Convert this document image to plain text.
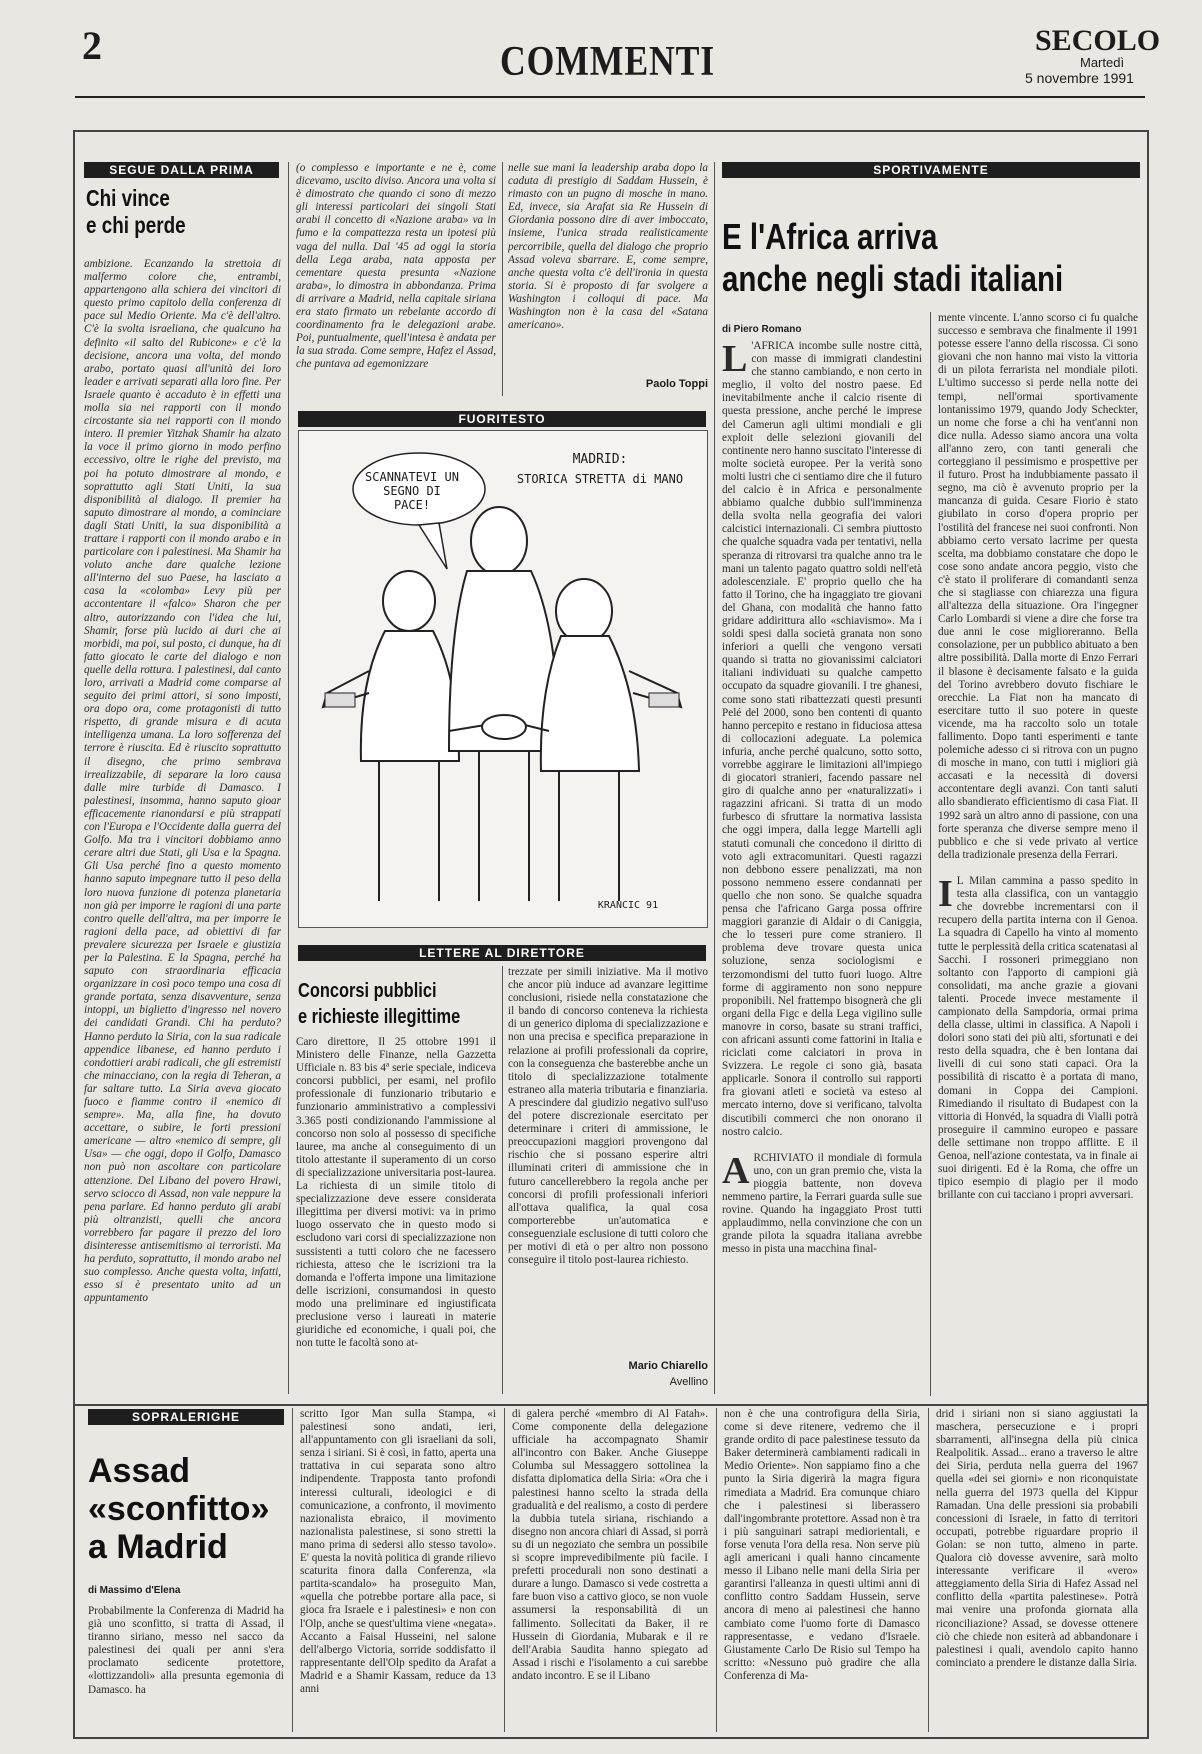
2	COMMENTI	SECOLO
Martedì
5 novembre 1991
SEGUE DALLA PRIMA
Chi vince
e chi perde
ambizione. Ecanzando la strettoia di malfermo colore che, entrambi, appartengono alla schiera dei vincitori di questo primo capitolo della conferenza di pace sul Medio Oriente. Ma c'è dell'altro. C'è la svolta israeliana, che qualcuno ha definito «il salto del Rubicone» e c'è la decisione, ancora una volta, del mondo arabo, portato quasi all'unità dei loro leader e arrivati separati alla loro fine. Per Israele quanto è accaduto è in effetti una molla sia nei rapporti con il mondo circostante sia nei rapporti con il mondo intero. Il premier Yitzhak Shamir ha alzato la voce il primo giorno in modo perfino eccessivo, oltre le righe del previsto, ma poi ha potuto dimostrare al mondo, e soprattutto agli Stati Uniti, la sua disponibilità al dialogo. Il premier ha saputo dimostrare al mondo, a cominciare dagli Stati Uniti, la sua disponibilità a trattare i rapporti con il mondo arabo e in particolare con i palestinesi. Ma Shamir ha voluto anche dare qualche lezione all'interno del suo Paese, ha lasciato a casa la «colomba» Levy più per accontentare il «falco» Sharon che per altro, autorizzando con l'idea che lui, Shamir, forse più lucido ai duri che ai morbidi, ma poi, sul posto, ci dunque, ha di fatto giocato le carte del dialogo e non quelle della rottura. I palestinesi, dal canto loro, arrivati a Madrid come comparse al seguito dei primi attori, si sono imposti, ora dopo ora, come protagonisti di tutto rispetto, di grande misura e di acuta intelligenza umana. La loro sofferenza del terrore è riuscita. Ed è riuscito soprattutto il disegno, che primo sembrava irrealizzabile, di separare la loro causa dalle mire turbide di Damasco. I palestinesi, insomma, hanno saputo gioar efficacemente rianondarsi e più strappati con l'Europa e l'Occidente dalla guerra del Golfo. Ma tra i vincitori dobbiamo anno cerare altri due Stati, gli Usa e la Spagna. Gli Usa perché fino a questo momento hanno saputo impegnare tutto il peso della loro nuova funzione di potenza planetaria non già per imporre le ragioni di una parte contro quelle dell'altra, ma per imporre le ragioni della pace, ad obiettivi di far prevalere sicurezza per Israele e giustizia per la Palestina. E la Spagna, perché ha saputo con straordinaria efficacia organizzare in così poco tempo una cosa di grande portata, senza disavventure, senza intoppi, un biglietto d'ingresso nel novero dei candidati Grandi. Chi ha perduto? Hanno perduto la Siria, con la sua radicale appendice libanese, ed hanno perduto i condottieri arabi radicali, che gli estremisti che minacciano, con la regia di Teheran, a far saltare tutto. La Siria aveva giocato fuoco e fiamme contro il «nemico di sempre». Ma, alla fine, ha dovuto accettare, o subire, le forti pressioni americane — altro «nemico di sempre, gli Usa» — che oggi, dopo il Golfo, Damasco non può non ascoltare con particolare attenzione. Del Libano del povero Hrawi, servo sciocco di Assad, non vale neppure la pena parlare. Ed hanno perduto gli arabi più oltranzisti, quelli che ancora vorrebbero far pagare il prezzo del loro disinteresse antisemitismo ai terroristi. Ma ha perduto, soprattutto, il mondo arabo nel suo complesso. Anche questa volta, infatti, esso si è presentato unito ad un appuntamento
(o complesso e importante e ne è, come dicevamo, uscito diviso. Ancora una volta si è dimostrato che quando ci sono di mezzo gli interessi particolari dei singoli Stati arabi il concetto di «Nazione araba» va in fumo e la compattezza resta un ipotesi più vaga del nulla. Dal '45 ad oggi la storia della Lega araba, nata apposta per cementare questa presunta «Nazione araba», lo dimostra in abbondanza. Prima di arrivare a Madrid, nella capitale siriana era stato firmato un rebelante accordo di coordinamento fra le delegazioni arabe. Poi, puntualmente, quell'intesa è andata per la sua strada. Come sempre, Hafez el Assad, che puntava ad egemonizzare
nelle sue mani la leadership araba dopo la caduta di prestigio di Saddam Hussein, è rimasto con un pugno di mosche in mano. Ed, invece, sia Arafat sia Re Hussein di Giordania possono dire di aver imboccato, insieme, l'unica strada realisticamente percorribile, quella del dialogo che proprio Assad voleva sbarrare. E, come sempre, anche questa volta c'è dell'ironia in questa storia. Si è proposto di far svolgere a Washington i colloqui di pace. Ma Washington non è la casa del «Satana americano».
Paolo Toppi
FUORITESTO
SCANNATEVI UN SEGNO DI PACE!
MADRID:
STORICA STRETTA di MANO
KRANCIC 91
LETTERE AL DIRETTORE
Concorsi pubblici
e richieste illegittime
Caro direttore, Il 25 ottobre 1991 il Ministero delle Finanze, nella Gazzetta Ufficiale n. 83 bis 4ª serie speciale, indiceva concorsi pubblici, per esami, nel profilo professionale di funzionario tributario e funzionario amministrativo a complessivi 3.365 posti condizionando l'ammissione al concorso non solo al possesso di specifiche lauree, ma anche al conseguimento di un titolo attestante il superamento di un corso di specializzazione universitaria post-laurea. La richiesta di un simile titolo di specializzazione deve essere considerata illegittima per diversi motivi: va in primo luogo osservato che in questo modo si escludono vari corsi di specializzazione non sussistenti a tutti coloro che ne facessero richiesta, atteso che le iscrizioni tra la domanda e l'offerta impone una limitazione delle iscrizioni, consumandosi in questo modo una preliminare ed ingiustificata preclusione verso i laureati in materie giuridiche ed economiche, i quali poi, che non tutte le facoltà sono at-
trezzate per simili iniziative. Ma il motivo che ancor più induce ad avanzare legittime conclusioni, risiede nella constatazione che il bando di concorso conteneva la richiesta di un generico diploma di specializzazione e non una precisa e specifica preparazione in relazione ai profili professionali da coprire, con la conseguenza che basterebbe anche un titolo di specializzazione totalmente estraneo alla materia tributaria e finanziaria. A prescindere dal giudizio negativo sull'uso del potere discrezionale esercitato per determinare i criteri di ammissione, le preoccupazioni maggiori provengono dal rischio che si possano esperire altri illuminati criteri di ammissione che in futuro cancellerebbero la regola anche per concorsi di profili professionali inferiori all'ottava qualifica, la qual cosa comporterebbe un'automatica e conseguenziale esclusione di tutti coloro che per motivi di età o per altro non possono conseguire il titolo post-laurea richiesto.
Mario Chiarello
Avellino
SPORTIVAMENTE
E l'Africa arriva
anche negli stadi italiani
di Piero Romano
L 'AFRICA incombe sulle nostre città, con masse di immigrati clandestini che stanno cambiando, e non certo in meglio, il volto del nostro paese. Ed inevitabilmente anche il calcio risente di questa pressione, anche perché le imprese del Camerun agli ultimi mondiali e gli exploit delle selezioni giovanili del continente nero hanno suscitato l'interesse di molte società europee. Per la verità sono molti lustri che ci sentiamo dire che il futuro del calcio è in Africa e personalmente abbiamo qualche dubbio sull'imminenza della svolta nella geografia dei valori calcistici internazionali. Ci sembra piuttosto che qualche squadra vada per tentativi, nella speranza di ritrovarsi tra qualche anno tra le mani un talento pagato quattro soldi nell'età adolescenziale. E' proprio quello che ha fatto il Torino, che ha ingaggiato tre giovani del Ghana, con modalità che hanno fatto gridare addirittura allo «schiavismo». Ma i soldi spesi dalla società granata non sono inferiori a quelli che vengono versati quando si tratta no giovanissimi calciatori italiani individuati su qualche campetto occupato da squadre giovanili. I tre ghanesi, come sono stati ribattezzati questi presunti Pelé del 2000, sono ben contenti di quanto hanno percepito e restano in fiduciosa attesa di collocazioni adeguate. La polemica infuria, anche perché qualcuno, sotto sotto, vorrebbe aggirare le limitazioni all'impiego di giocatori stranieri, facendo passare nel giro di qualche anno per «naturalizzati» i ragazzini africani. Si tratta di un modo furbesco di sfruttare la normativa lassista che oggi impera, dalla legge Martelli agli statuti comunali che concedono il diritto di voto agli extracomunitari. Questi ragazzi non debbono essere penalizzati, ma non possono nemmeno essere condannati per quello che non sono. Se qualche squadra pensa che l'africano Garga possa offrire maggiori garanzie di Aldair o di Caniggia, che lo tesseri pure come straniero. Il problema deve trovare questa unica soluzione, senza sociologismi e terzomondismi del tutto fuori luogo. Altre forme di aggiramento non sono neppure proponibili. Nel frattempo bisognerà che gli organi della Figc e della Lega vigilino sulle manovre in corso, basate su strani traffici, con africani assunti come fattorini in Italia e riciclati come calciatori in prova in Svizzera. Le regole ci sono già, basata applicarle. Sonora il controllo sui rapporti fra giovani atleti e società va esteso al mercato interno, dove si verificano, talvolta discutibili commerci che non onorano il nostro calcio.

A RCHIVIATO il mondiale di formula uno, con un gran premio che, vista la pioggia battente, non doveva nemmeno partire, la Ferrari guarda sulle sue rovine. Quando ha ingaggiato Prost tutti applaudimmo, nella convinzione che con un grande pilota la squadra italiana avrebbe messo in pista una macchina final-
mente vincente. L'anno scorso ci fu qualche successo e sembrava che finalmente il 1991 potesse essere l'anno della riscossa. Ci sono giovani che non hanno mai visto la vittoria di un pilota ferrarista nel mondiale piloti. L'ultimo successo si perde nella notte dei tempi, nell'ormai sportivamente lontanissimo 1979, quando Jody Scheckter, un nome che forse a chi ha vent'anni non dice nulla. Adesso siamo ancora una volta all'anno zero, con tanti generali che corteggiano il pessimismo e prospettive per il futuro. Prost ha indubbiamente passato il segno, ma ciò è avvenuto proprio per la mancanza di guida. Cesare Fiorio è stato giubilato in corso d'opera proprio per l'ostilità del francese nei suoi confronti. Non abbiamo certo versato lacrime per questa scelta, ma dobbiamo constatare che dopo le cose sono andate ancora peggio, visto che c'è stato il proliferare di comandanti senza che si stagliasse con chiarezza una figura all'altezza della situazione. Ora l'ingegner Carlo Lombardi si viene a dire che forse tra due anni le cose miglioreranno. Bella consolazione, per un pubblico abituato a ben altre possibilità. Dalla morte di Enzo Ferrari il blasone è decisamente falsato e la guida del Torino avrebbero dovuto fischiare le orecchie. La Fiat non ha mancato di esercitare tutto il suo potere in queste vicende, ma ha raccolto solo un totale fallimento. Dopo tanti esperimenti e tante polemiche adesso ci si ritrova con un pugno di mosche in mano, con tutti i migliori già accasati e la necessità di doversi accontentare degli avanzi. Con tanti saluti allo sbandierato efficientismo di casa Fiat. Il 1992 sarà un altro anno di passione, con una forte speranza che diverse sempre meno il pubblico e che si vede privato al vertice della tradizionale presenza della Ferrari.

I L Milan cammina a passo spedito in testa alla classifica, con un vantaggio che dovrebbe incrementarsi con il recupero della partita interna con il Genoa. La squadra di Capello ha vinto al momento tutte le perplessità della critica scatenatasi al Sacchi. I rossoneri primeggiano non soltanto con l'apporto di campioni già consolidati, ma anche grazie a giovani talenti. Procede invece mestamente il campionato della Sampdoria, ormai prima della classe, ultimi in classifica. A Napoli i dolori sono stati dei più alti, sfortunati e dei resto della squadra, che è ben lontana dai livelli di cui sono stati capaci. Ora la possibilità di riscatto è a portata di mano, domani in Coppa dei Campioni. Rimediando il risultato di Budapest con la vittoria di Honvéd, la squadra di Vialli potrà proseguire il cammino europeo e passare delle settimane non troppo afflitte. E il Genoa, nell'azione contestata, va in finale ai suoi dirigenti. Ed è la Roma, che offre un tipico esempio di plagio per il modo brillante con cui tacciano i propri avversari.
SOPRALERIGHE
Assad
«sconfitto»
a Madrid
di Massimo d'Elena
Probabilmente la Conferenza di Madrid ha già uno sconfitto, si tratta di Assad, il tiranno siriano, messo nel sacco da palestinesi dei quali per anni s'era proclamato sedicente protettore, «lottizzandoli» alla presunta egemonia di Damasco. ha
scritto Igor Man sulla Stampa, «i palestinesi sono andati, ieri, all'appuntamento con gli israeliani da soli, senza i siriani. Si è così, in fatto, aperta una trattativa in cui separata sono altro indipendente. Trapposta tanto profondi interessi culturali, ideologici e di comunicazione, a confronto, il movimento nazionalista ebraico, il movimento nazionalista palestinese, si sono stretti la mano prima di sedersi allo stesso tavolo». E' questa la novità politica di grande rilievo scaturita finora dalla Conferenza, «la partita-scandalo» ha proseguito Man, «quella che potrebbe portare alla pace, si gioca fra Israele e i palestinesi» e non con l'Olp, anche se quest'ultima viene «negata». Accanto a Faisal Husseini, nel salone dell'albergo Victoria, sorride soddisfatto il rappresentante dell'Olp spedito da Arafat a Madrid e a Shamir Kassam, reduce da 13 anni
di galera perché «membro di Al Fatah». Come componente della delegazione ufficiale ha accompagnato Shamir all'incontro con Baker. Anche Giuseppe Columba sul Messaggero sottolinea la disfatta diplomatica della Siria: «Ora che i palestinesi hanno scelto la strada della gradualità e del realismo, a costo di perdere la dubbia tutela siriana, rischiando a disegno non ancora chiari di Assad, si porrà su di un negoziato che sembra un possibile si scopre imprevedibilmente più facile. I prefetti procedurali non sono destinati a durare a lungo. Damasco si vede costretta a fare buon viso a cattivo gioco, se non vuole assumersi la responsabilità di un fallimento. Sollecitati da Baker, il re Hussein di Giordania, Mubarak e il re dell'Arabia Saudita hanno spiegato ad Assad i rischi e l'isolamento a cui sarebbe andato incontro. E se il Libano
non è che una controfigura della Siria, come si deve ritenere, vedremo che il grande ordito di pace palestinese tessuto da Baker determinerà cambiamenti radicali in Medio Oriente». Non sappiamo fino a che punto la Siria digerirà la magra figura rimediata a Madrid. Era comunque chiaro che i palestinesi si liberassero dall'ingombrante protettore. Assad non è tra i più sanguinari satrapi mediorientali, e forse venuta l'ora della resa. Non serve più agli americani i quali hanno cincamente messo il Libano nelle mani della Siria per garantirsi l'alleanza in questi ultimi anni di conflitto contro Saddam Hussein, serve ancora di meno ai palestinesi che hanno cambiato come l'uomo forte di Damasco rappresentasse, e vedano d'Israele. Giustamente Carlo De Risio sul Tempo ha scritto: «Nessuno può gradire che alla Conferenza di Ma-
drid i siriani non si siano aggiustati la maschera, persecuzione e i propri sbarramenti, all'insegna della più cinica Realpolitik. Assad... erano a traverso le altre dei Siria, perduta nella guerra del 1967 quella «dei sei giorni» e non riconquistate nella guerra del 1973 quella del Kippur Ramadan. Una delle pressioni sia probabili concessioni di Israele, in fatto di territori occupati, potrebbe riguardare proprio il Golan: se non tutto, almeno in parte. Qualora ciò dovesse avvenire, sarà molto interessante verificare il «vero» atteggiamento della Siria di Hafez Assad nel conflitto della «partita palestinese». Potrà mai venire una profonda giornata alla riconciliazione? Assad, se dovesse ottenere ciò che chiede non esiterà ad abbandonare i palestinesi i quali, avendolo capito hanno cominciato a prendere le distanze dalla Siria.
